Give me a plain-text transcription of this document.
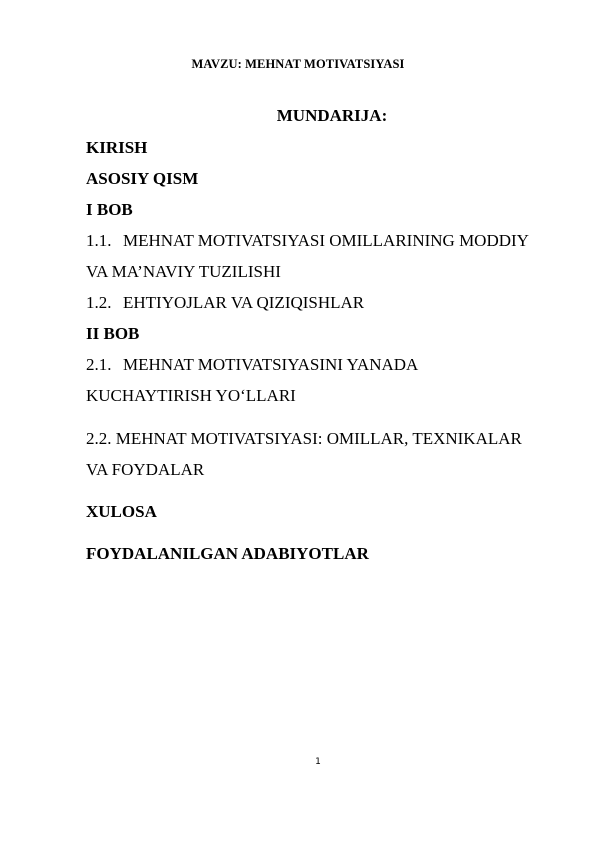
MAVZU: MEHNAT MOTIVATSIYASI
MUNDARIJA:
KIRISH
ASOSIY QISM
I BOB
1.1. MEHNAT MOTIVATSIYASI OMILLARINING MODDIY
VA MA’NAVIY TUZILISHI
1.2. EHTIYOJLAR VA QIZIQISHLAR
II BOB
2.1. MEHNAT MOTIVATSIYASINI YANADA
KUCHAYTIRISH YO‘LLARI
2.2. MEHNAT MOTIVATSIYASI: OMILLAR, TEXNIKALAR
VA FOYDALAR
XULOSA
FOYDALANILGAN ADABIYOTLAR
1
